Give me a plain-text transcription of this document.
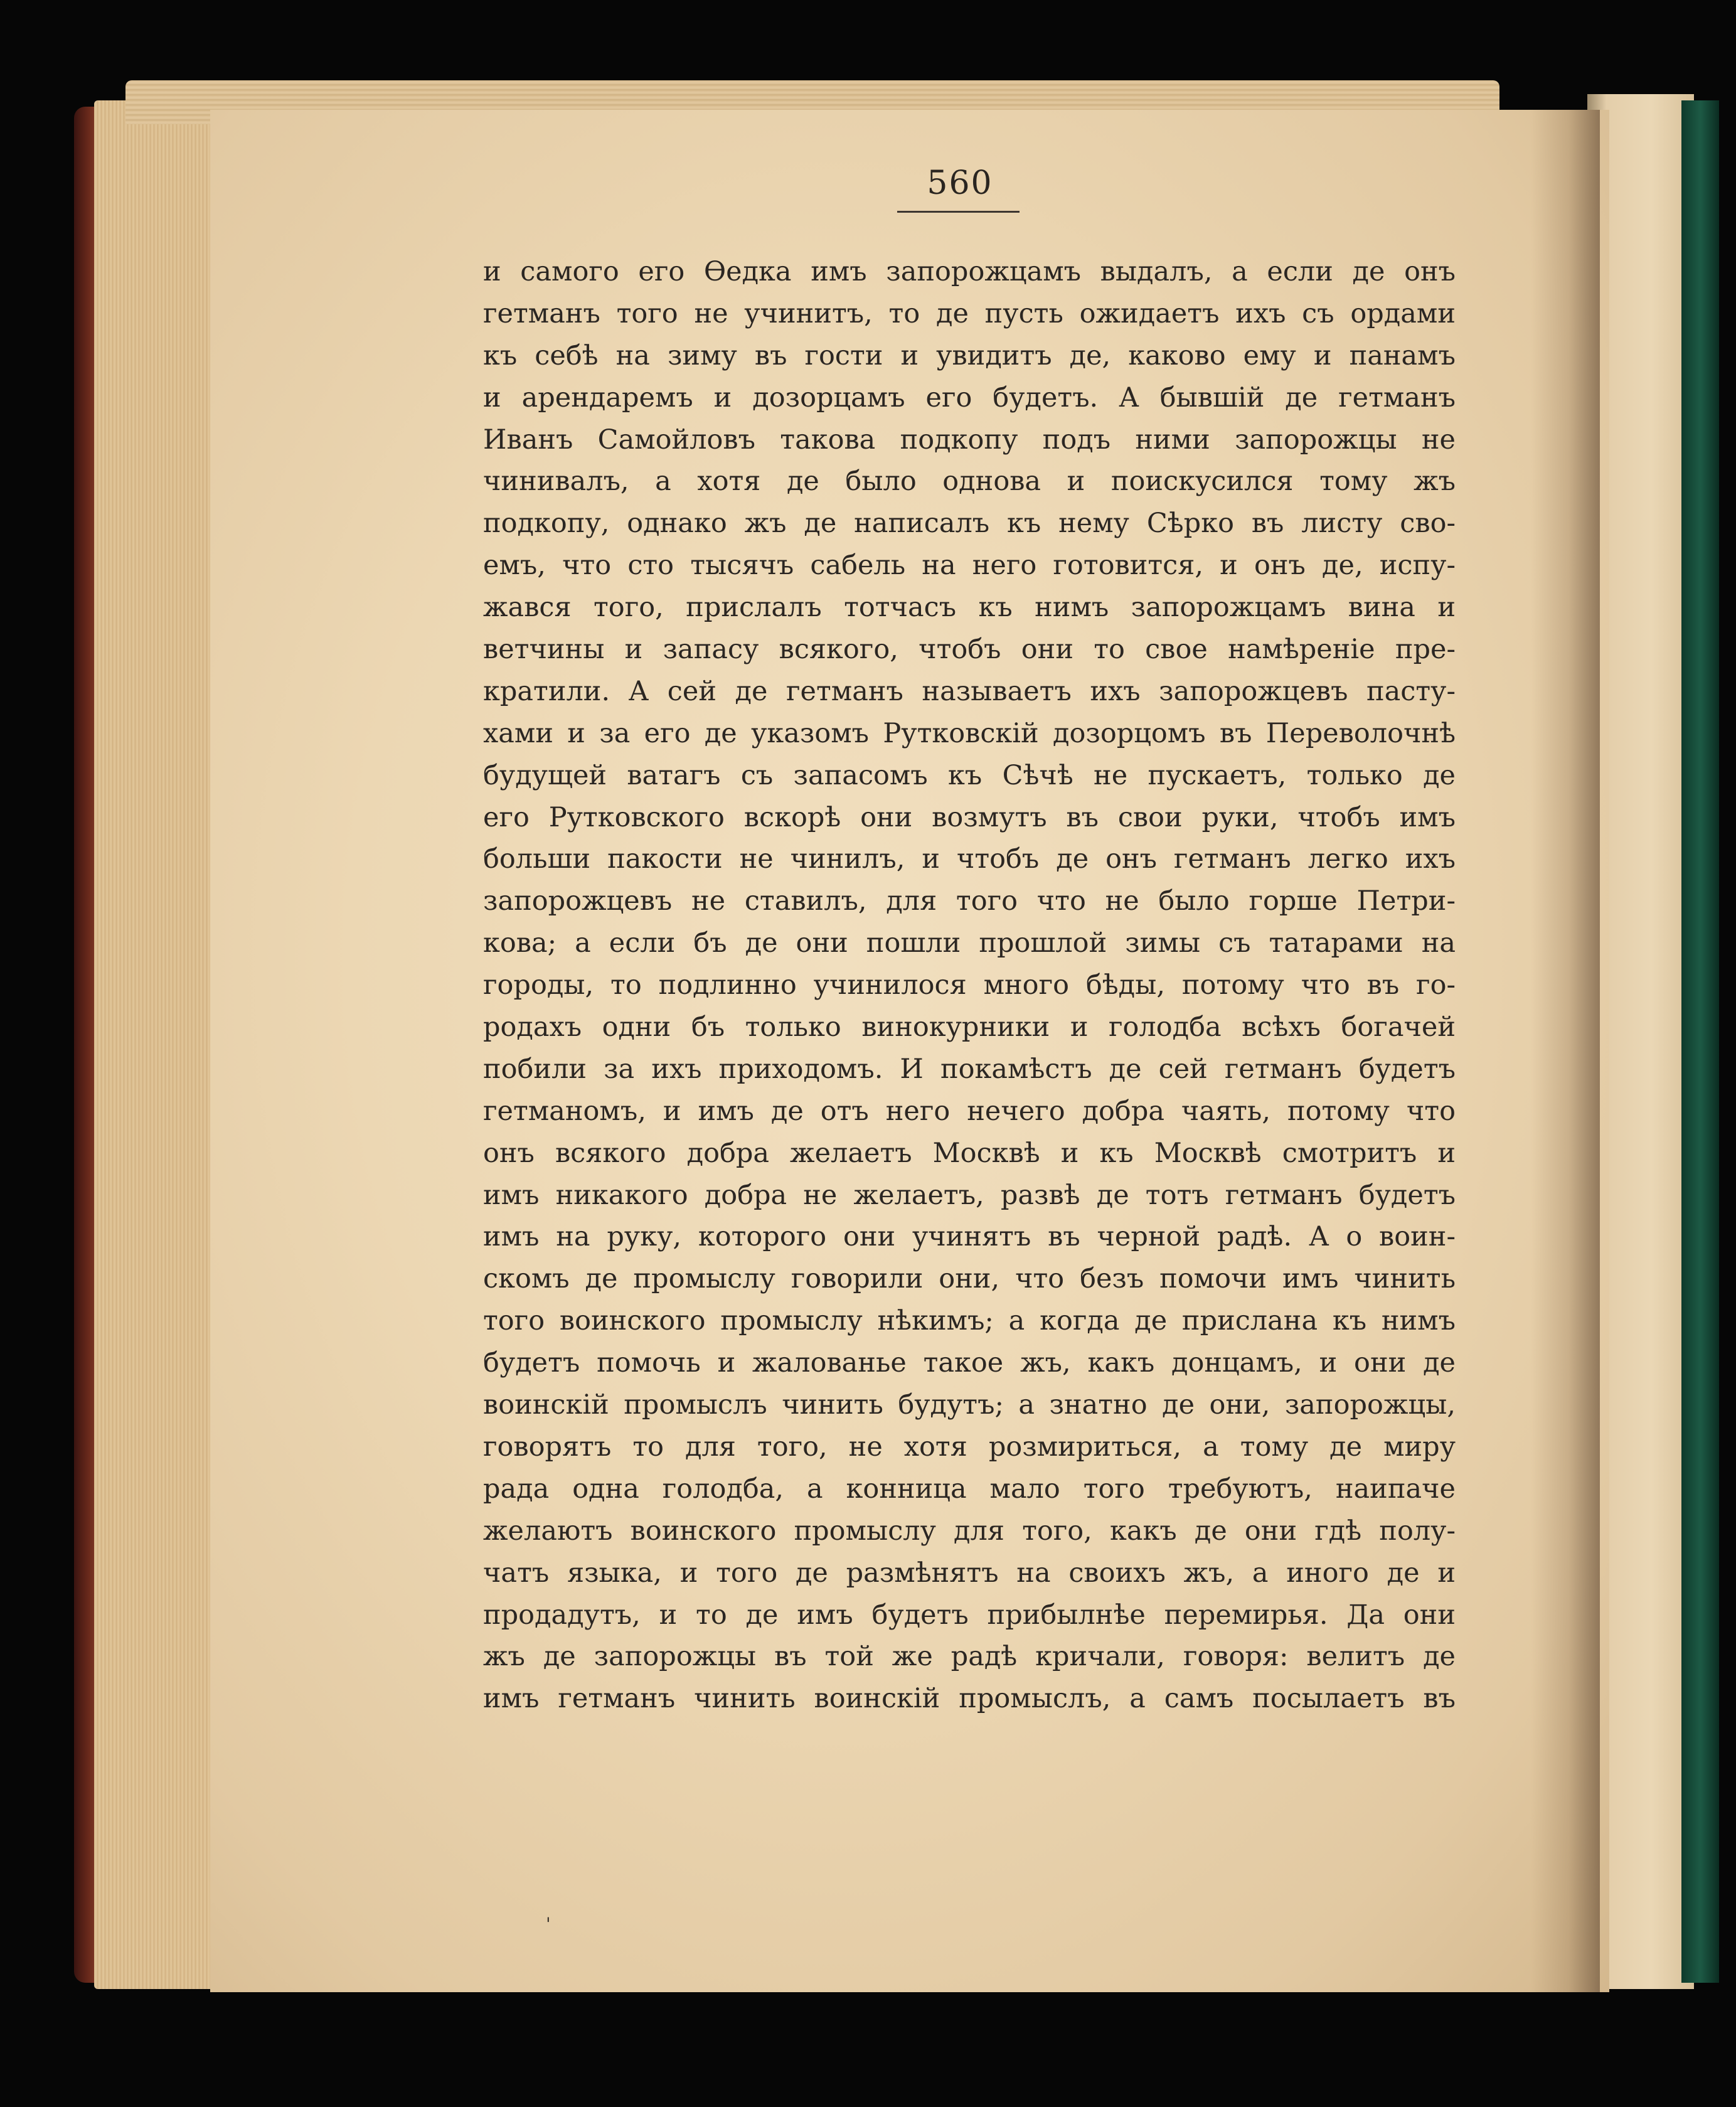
560
и самого его Ѳедка имъ запорожцамъ выдалъ, а если де онъ
гетманъ того не учинитъ, то де пусть ожидаетъ ихъ съ ордами
къ себѣ на зиму въ гости и увидитъ де, каково ему и панамъ
и арендаремъ и дозорцамъ его будетъ. А бывшій де гетманъ
Иванъ Самойловъ такова подкопу подъ ними запорожцы не
чинивалъ, а хотя де было однова и поискусился тому жъ
подкопу, однако жъ де написалъ къ нему Сѣрко въ листу сво-
емъ, что сто тысячъ сабель на него готовится, и онъ де, испу-
жався того, прислалъ тотчасъ къ нимъ запорожцамъ вина и
ветчины и запасу всякого, чтобъ они то свое намѣреніе пре-
кратили. А сей де гетманъ называетъ ихъ запорожцевъ пасту-
хами и за его де указомъ Рутковскій дозорцомъ въ Переволочнѣ
будущей ватагъ съ запасомъ къ Сѣчѣ не пускаетъ, только де
его Рутковского вскорѣ они возмутъ въ свои руки, чтобъ имъ
больши пакости не чинилъ, и чтобъ де онъ гетманъ легко ихъ
запорожцевъ не ставилъ, для того что не было горше Петри-
кова; а если бъ де они пошли прошлой зимы съ татарами на
городы, то подлинно учинилося много бѣды, потому что въ го-
родахъ одни бъ только винокурники и голодба всѣхъ богачей
побили за ихъ приходомъ. И покамѣстъ де сей гетманъ будетъ
гетманомъ, и имъ де отъ него нечего добра чаять, потому что
онъ всякого добра желаетъ Москвѣ и къ Москвѣ смотритъ и
имъ никакого добра не желаетъ, развѣ де тотъ гетманъ будетъ
имъ на руку, которого они учинятъ въ черной радѣ. А о воин-
скомъ де промыслу говорили они, что безъ помочи имъ чинить
того воинского промыслу нѣкимъ; а когда де прислана къ нимъ
будетъ помочь и жалованье такое жъ, какъ донцамъ, и они де
воинскій промыслъ чинить будутъ; а знатно де они, запорожцы,
говорятъ то для того, не хотя розмириться, а тому де миру
рада одна голодба, а конница мало того требуютъ, наипаче
желаютъ воинского промыслу для того, какъ де они гдѣ полу-
чатъ языка, и того де размѣнятъ на своихъ жъ, а иного де и
продадутъ, и то де имъ будетъ прибылнѣе перемирья. Да они
жъ де запорожцы въ той же радѣ кричали, говоря: велитъ де
имъ гетманъ чинить воинскій промыслъ, а самъ посылаетъ въ
'
